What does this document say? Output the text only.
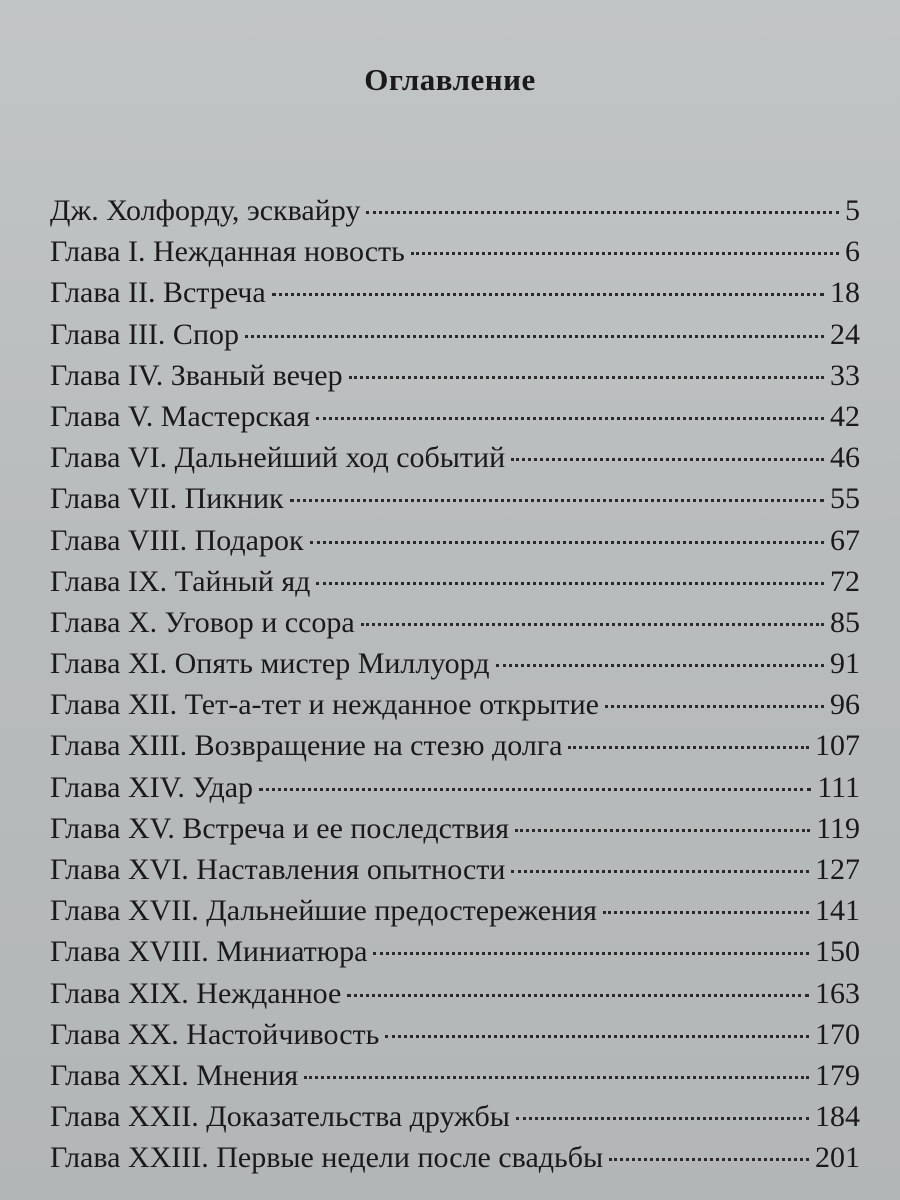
Оглавление
Дж. Холфорду, эсквайру	5
Глава I. Нежданная новость	6
Глава II. Встреча	18
Глава III. Спор	24
Глава IV. Званый вечер	33
Глава V. Мастерская	42
Глава VI. Дальнейший ход событий	46
Глава VII. Пикник	55
Глава VIII. Подарок	67
Глава IX. Тайный яд	72
Глава X. Уговор и ссора	85
Глава XI. Опять мистер Миллуорд	91
Глава XII. Тет-а-тет и нежданное открытие	96
Глава XIII. Возвращение на стезю долга	107
Глава XIV. Удар	111
Глава XV. Встреча и ее последствия	119
Глава XVI. Наставления опытности	127
Глава XVII. Дальнейшие предостережения	141
Глава XVIII. Миниатюра	150
Глава XIX. Нежданное	163
Глава XX. Настойчивость	170
Глава XXI. Мнения	179
Глава XXII. Доказательства дружбы	184
Глава XXIII. Первые недели после свадьбы	201
